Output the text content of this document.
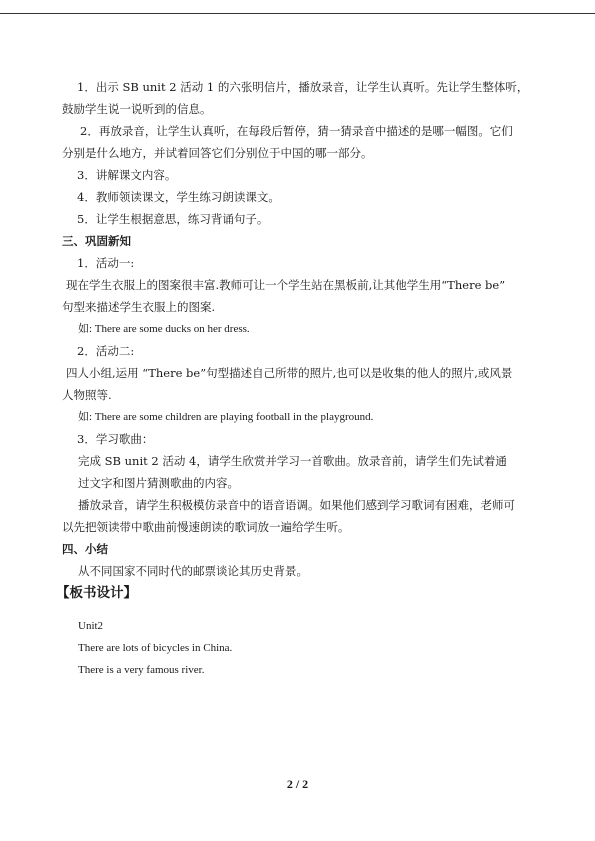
1．出示 SB unit 2 活动 1 的六张明信片，播放录音，让学生认真听。先让学生整体听，
鼓励学生说一说听到的信息。
2．再放录音，让学生认真听，在每段后暂停，猜一猜录音中描述的是哪一幅图。它们
分别是什么地方，并试着回答它们分别位于中国的哪一部分。
3．讲解课文内容。
4．教师领读课文，学生练习朗读课文。
5．让学生根据意思，练习背诵句子。
三、巩固新知
1．活动一:
现在学生衣服上的图案很丰富.教师可让一个学生站在黑板前,让其他学生用“There be”
句型来描述学生衣服上的图案.
如: There are some ducks on her dress.
2．活动二:
四人小组,运用 “There be”句型描述自己所带的照片,也可以是收集的他人的照片,或风景
人物照等.
如: There are some children are playing football in the playground.
3．学习歌曲：
完成 SB unit 2 活动 4，请学生欣赏并学习一首歌曲。放录音前，请学生们先试着通
过文字和图片猜测歌曲的内容。
播放录音，请学生积极模仿录音中的语音语调。如果他们感到学习歌词有困难，老师可
以先把领读带中歌曲前慢速朗读的歌词放一遍给学生听。
四、小结
从不同国家不同时代的邮票谈论其历史背景。
【板书设计】
Unit2
There are lots of bicycles in China.
There is a very famous river.
2 / 2
